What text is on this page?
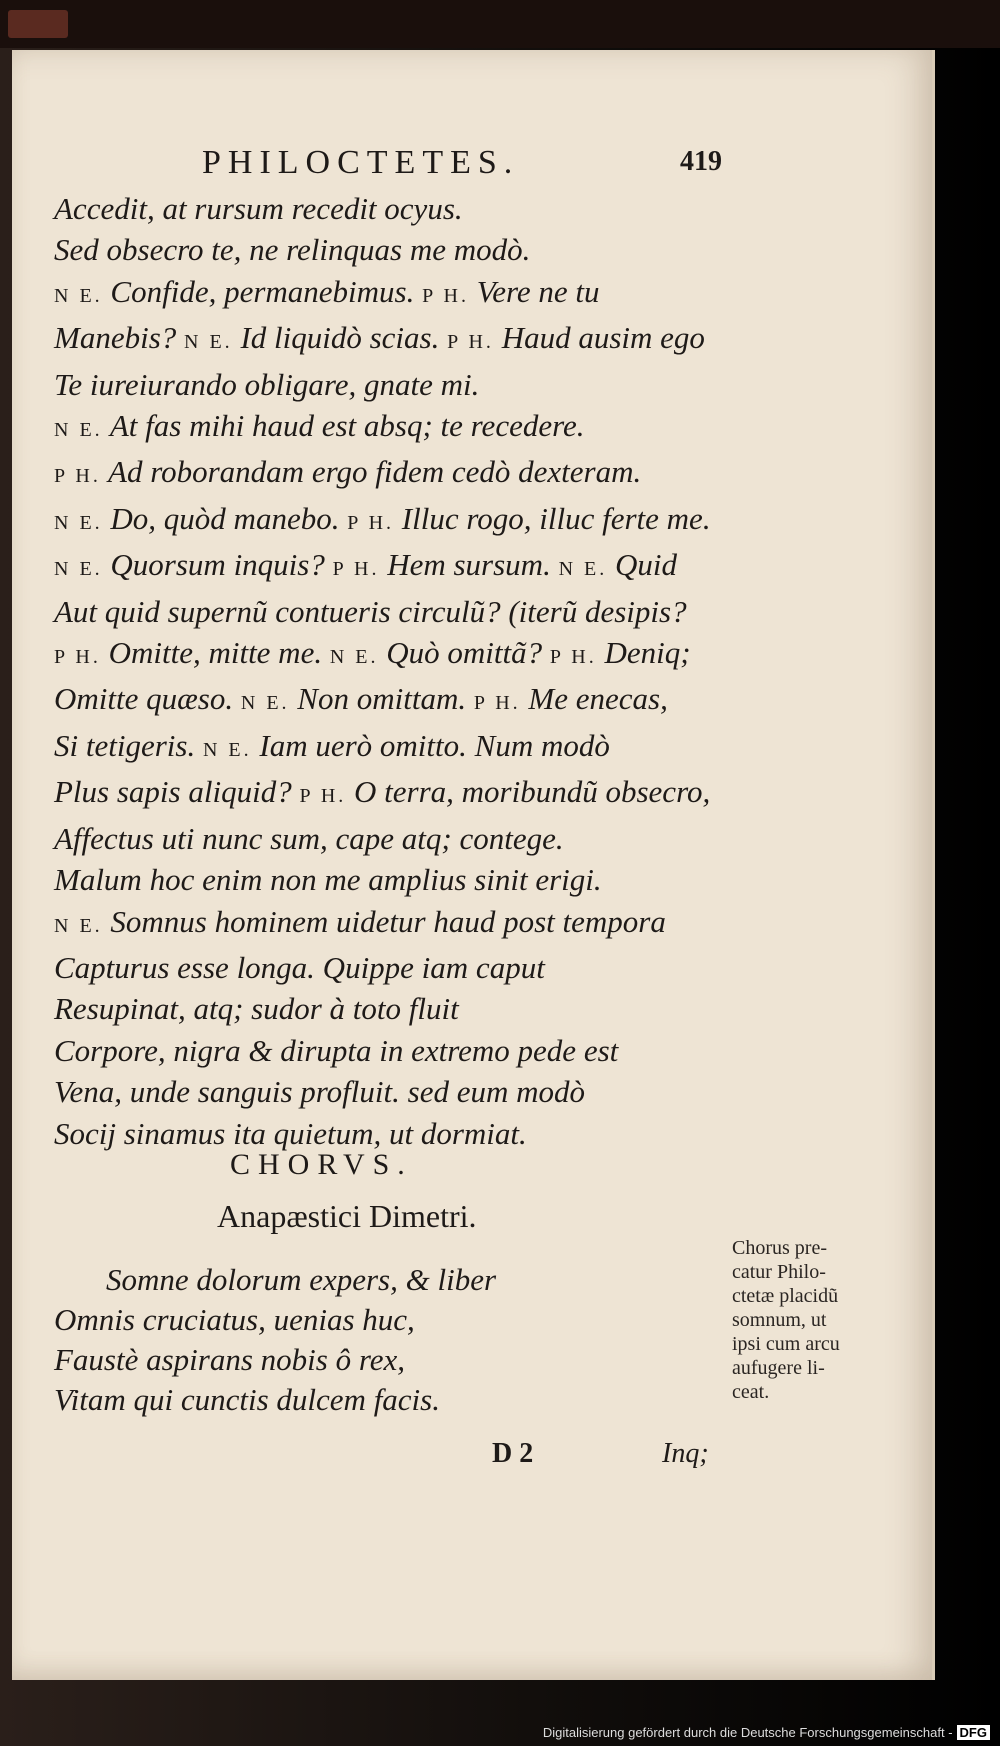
PHILOCTETES.	419
Accedit, at rursum recedit ocyus.
Sed obsecro te, ne relinquas me modò.
N E. Confide, permanebimus. P H. Vere ne tu
Manebis? N E. Id liquidò scias. P H. Haud ausim ego
Te iureiurando obligare, gnate mi.
N E. At fas mihi haud est absq; te recedere.
P H. Ad roborandam ergo fidem cedò dexteram.
N E. Do, quòd manebo. P H. Illuc rogo, illuc ferte me.
N E. Quorsum inquis? P H. Hem sursum. N E. Quid
Aut quid supernũ contueris circulũ? (iterũ desipis?
P H. Omitte, mitte me. N E. Quò omittã? P H. Deniq;
Omitte quæso. N E. Non omittam. P H. Me enecas,
Si tetigeris. N E. Iam uerò omitto. Num modò
Plus sapis aliquid? P H. O terra, moribundũ obsecro,
Affectus uti nunc sum, cape atq; contege.
Malum hoc enim non me amplius sinit erigi.
N E. Somnus hominem uidetur haud post tempora
Capturus esse longa. Quippe iam caput
Resupinat, atq; sudor à toto fluit
Corpore, nigra & dirupta in extremo pede est
Vena, unde sanguis profluit. sed eum modò
Socij sinamus ita quietum, ut dormiat.
CHORVS.
Anapæstici Dimetri.
Somne dolorum expers, & liber
Omnis cruciatus, uenias huc,
Faustè aspirans nobis ô rex,
Vitam qui cunctis dulcem facis.
Chorus pre-
catur Philo-
ctetæ placidũ
somnum, ut
ipsi cum arcu
aufugere li-
ceat.
D 2	Inq;
Digitalisierung gefördert durch die Deutsche Forschungsgemeinschaft - DFG
